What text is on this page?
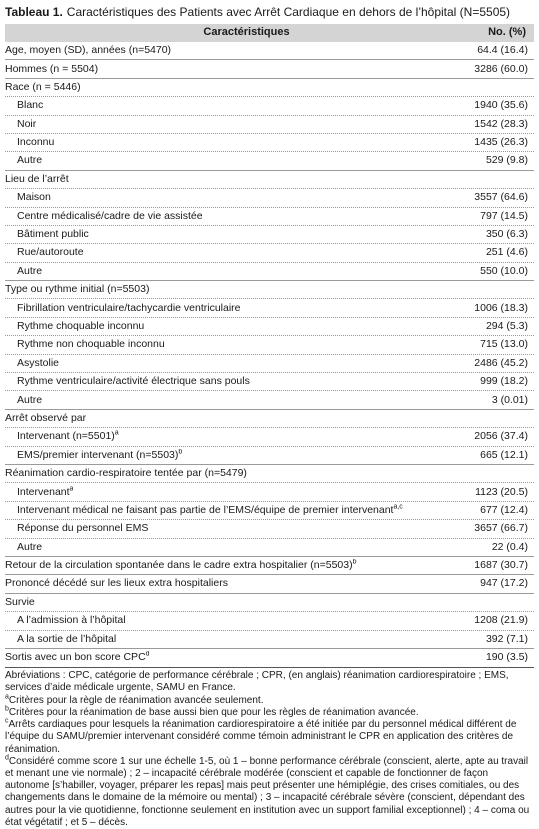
Tableau 1. Caractéristiques des Patients avec Arrêt Cardiaque en dehors de l’hôpital (N=5505)
Caractéristiques	No. (%)
Age, moyen (SD), années (n=5470)	64.4 (16.4)
Hommes (n = 5504)	3286 (60.0)
Race (n = 5446)
Blanc	1940 (35.6)
Noir	1542 (28.3)
Inconnu	1435 (26.3)
Autre	529 (9.8)
Lieu de l’arrêt
Maison	3557 (64.6)
Centre médicalisé/cadre de vie assistée	797 (14.5)
Bâtiment public	350 (6.3)
Rue/autoroute	251 (4.6)
Autre	550 (10.0)
Type ou rythme initial (n=5503)
Fibrillation ventriculaire/tachycardie ventriculaire	1006 (18.3)
Rythme choquable inconnu	294 (5.3)
Rythme non choquable inconnu	715 (13.0)
Asystolie	2486 (45.2)
Rythme ventriculaire/activité électrique sans pouls	999 (18.2)
Autre	3 (0.01)
Arrêt observé par
Intervenant (n=5501)$^a$	2056 (37.4)
EMS/premier intervenant (n=5503)$^b$	665 (12.1)
Réanimation cardio-respiratoire tentée par (n=5479)
Intervenant$^a$	1123 (20.5)
Intervenant médical ne faisant pas partie de l’EMS/équipe de premier intervenant$^{a,c}$	677 (12.4)
Réponse du personnel EMS	3657 (66.7)
Autre	22 (0.4)
Retour de la circulation spontanée dans le cadre extra hospitalier (n=5503)$^b$	1687 (30.7)
Prononcé décédé sur les lieux extra hospitaliers	947 (17.2)
Survie
A l’admission à l’hôpital	1208 (21.9)
A la sortie de l’hôpital	392 (7.1)
Sortis avec un bon score CPC$^d$	190 (3.5)

Abréviations : CPC, catégorie de performance cérébrale ; CPR, (en anglais) réanimation cardiorespiratoire ; EMS, services d’aide médicale urgente, SAMU en France.

$^a$Critères pour la règle de réanimation avancée seulement.

$^b$Critères pour la réanimation de base aussi bien que pour les règles de réanimation avancée.

$^c$Arrêts cardiaques pour lesquels la réanimation cardiorespiratoire a été initiée par du personnel médical différent de l’équipe du SAMU/premier intervenant considéré comme témoin administrant le CPR en application des critères de réanimation.

$^d$Considéré comme score 1 sur une échelle 1-5, où 1 – bonne performance cérébrale (conscient, alerte, apte au travail et menant une vie normale) ; 2 – incapacité cérébrale modérée (conscient et capable de fonctionner de façon autonome [s’habiller, voyager, préparer les repas] mais peut présenter une hémiplégie, des crises comitiales, ou des changements dans le domaine de la mémoire ou mental) ; 3 – incapacité cérébrale sévère (conscient, dépendant des autres pour la vie quotidienne, fonctionne seulement en institution avec un support familial exceptionnel) ; 4 – coma ou état végétatif ; et 5 – décès.
